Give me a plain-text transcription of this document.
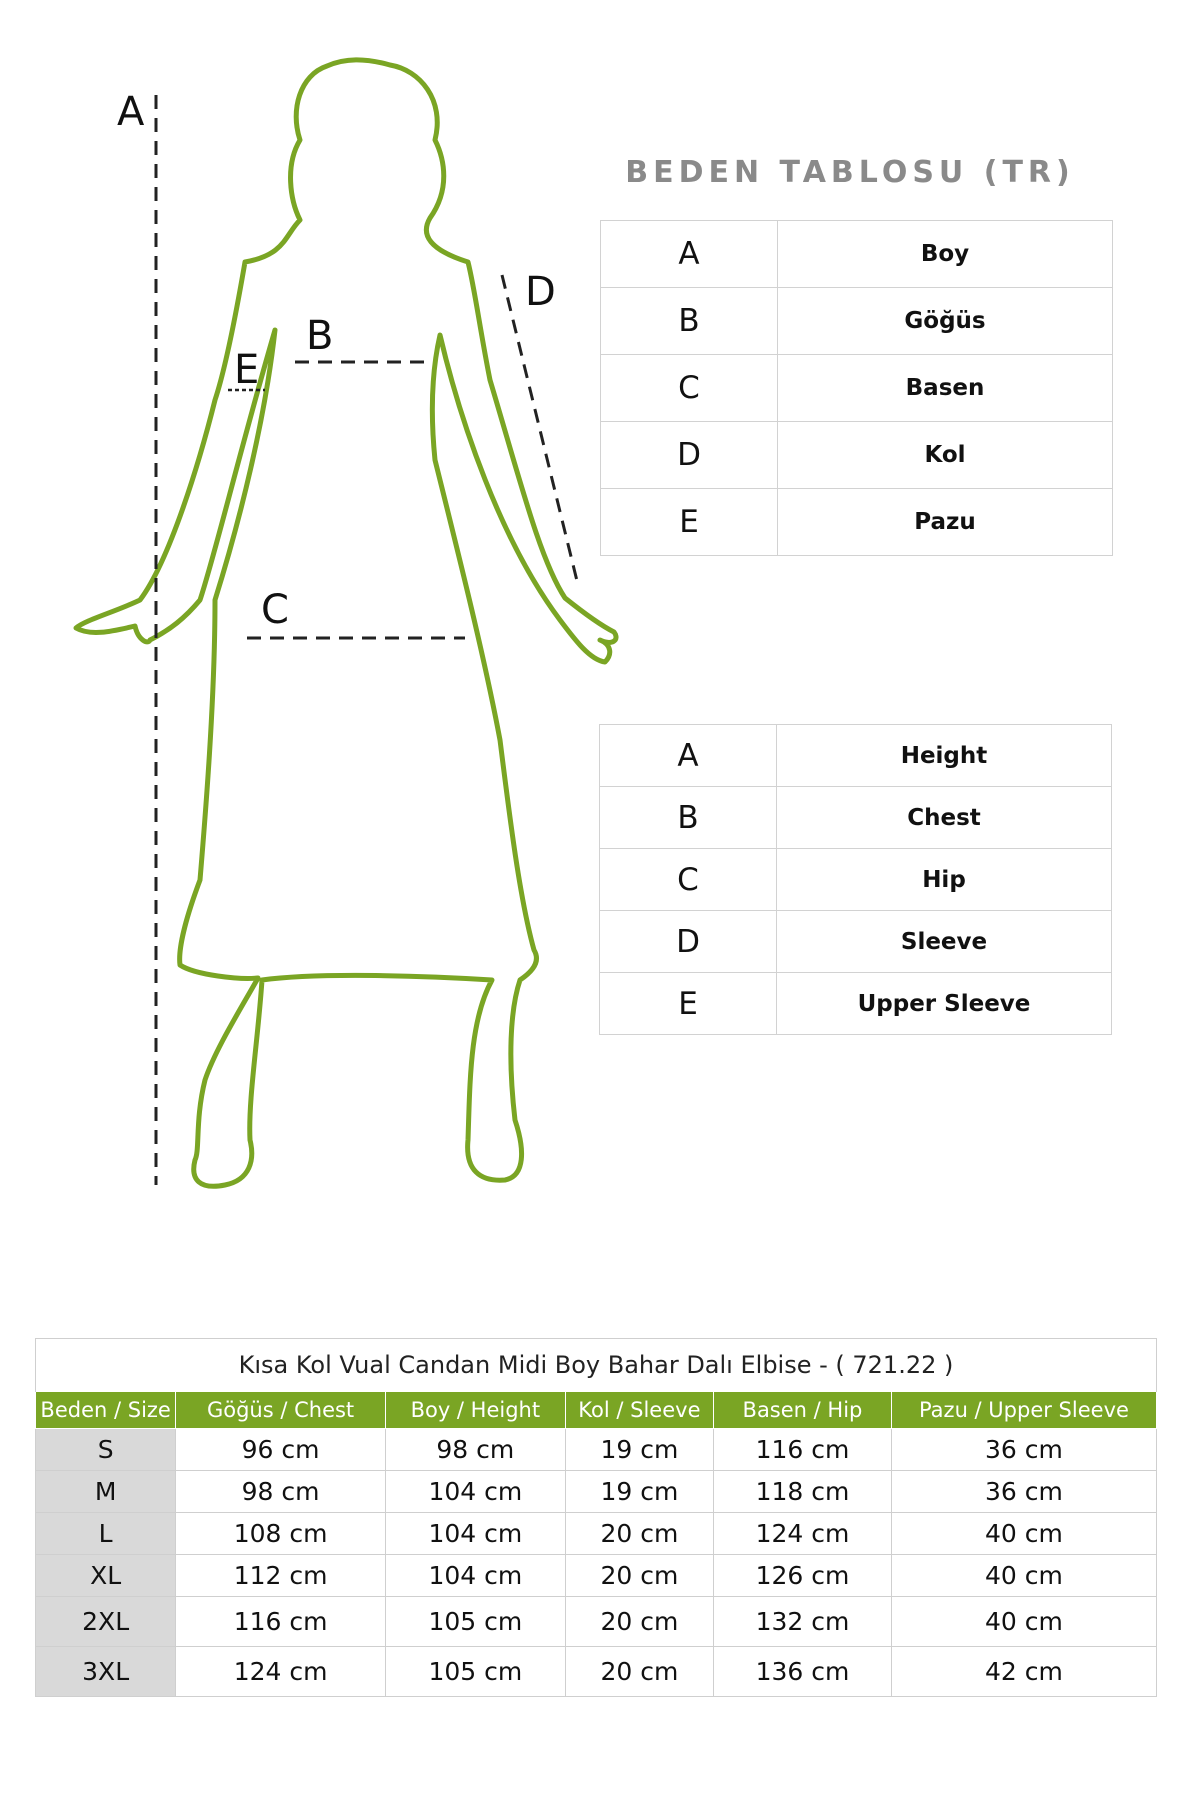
A
B
C
D
E
BEDEN TABLOSU (TR)
A	Boy
B	Göğüs
C	Basen
D	Kol
E	Pazu
A	Height
B	Chest
C	Hip
D	Sleeve
E	Upper Sleeve
Kısa Kol Vual Candan Midi Boy Bahar Dalı Elbise - ( 721.22 )					
Beden / Size	Göğüs / Chest	Boy / Height	Kol / Sleeve	Basen / Hip	Pazu / Upper Sleeve
S	96 cm	98 cm	19 cm	116 cm	36 cm
M	98 cm	104 cm	19 cm	118 cm	36 cm
L	108 cm	104 cm	20 cm	124 cm	40 cm
XL	112 cm	104 cm	20 cm	126 cm	40 cm
2XL	116 cm	105 cm	20 cm	132 cm	40 cm
3XL	124 cm	105 cm	20 cm	136 cm	42 cm
